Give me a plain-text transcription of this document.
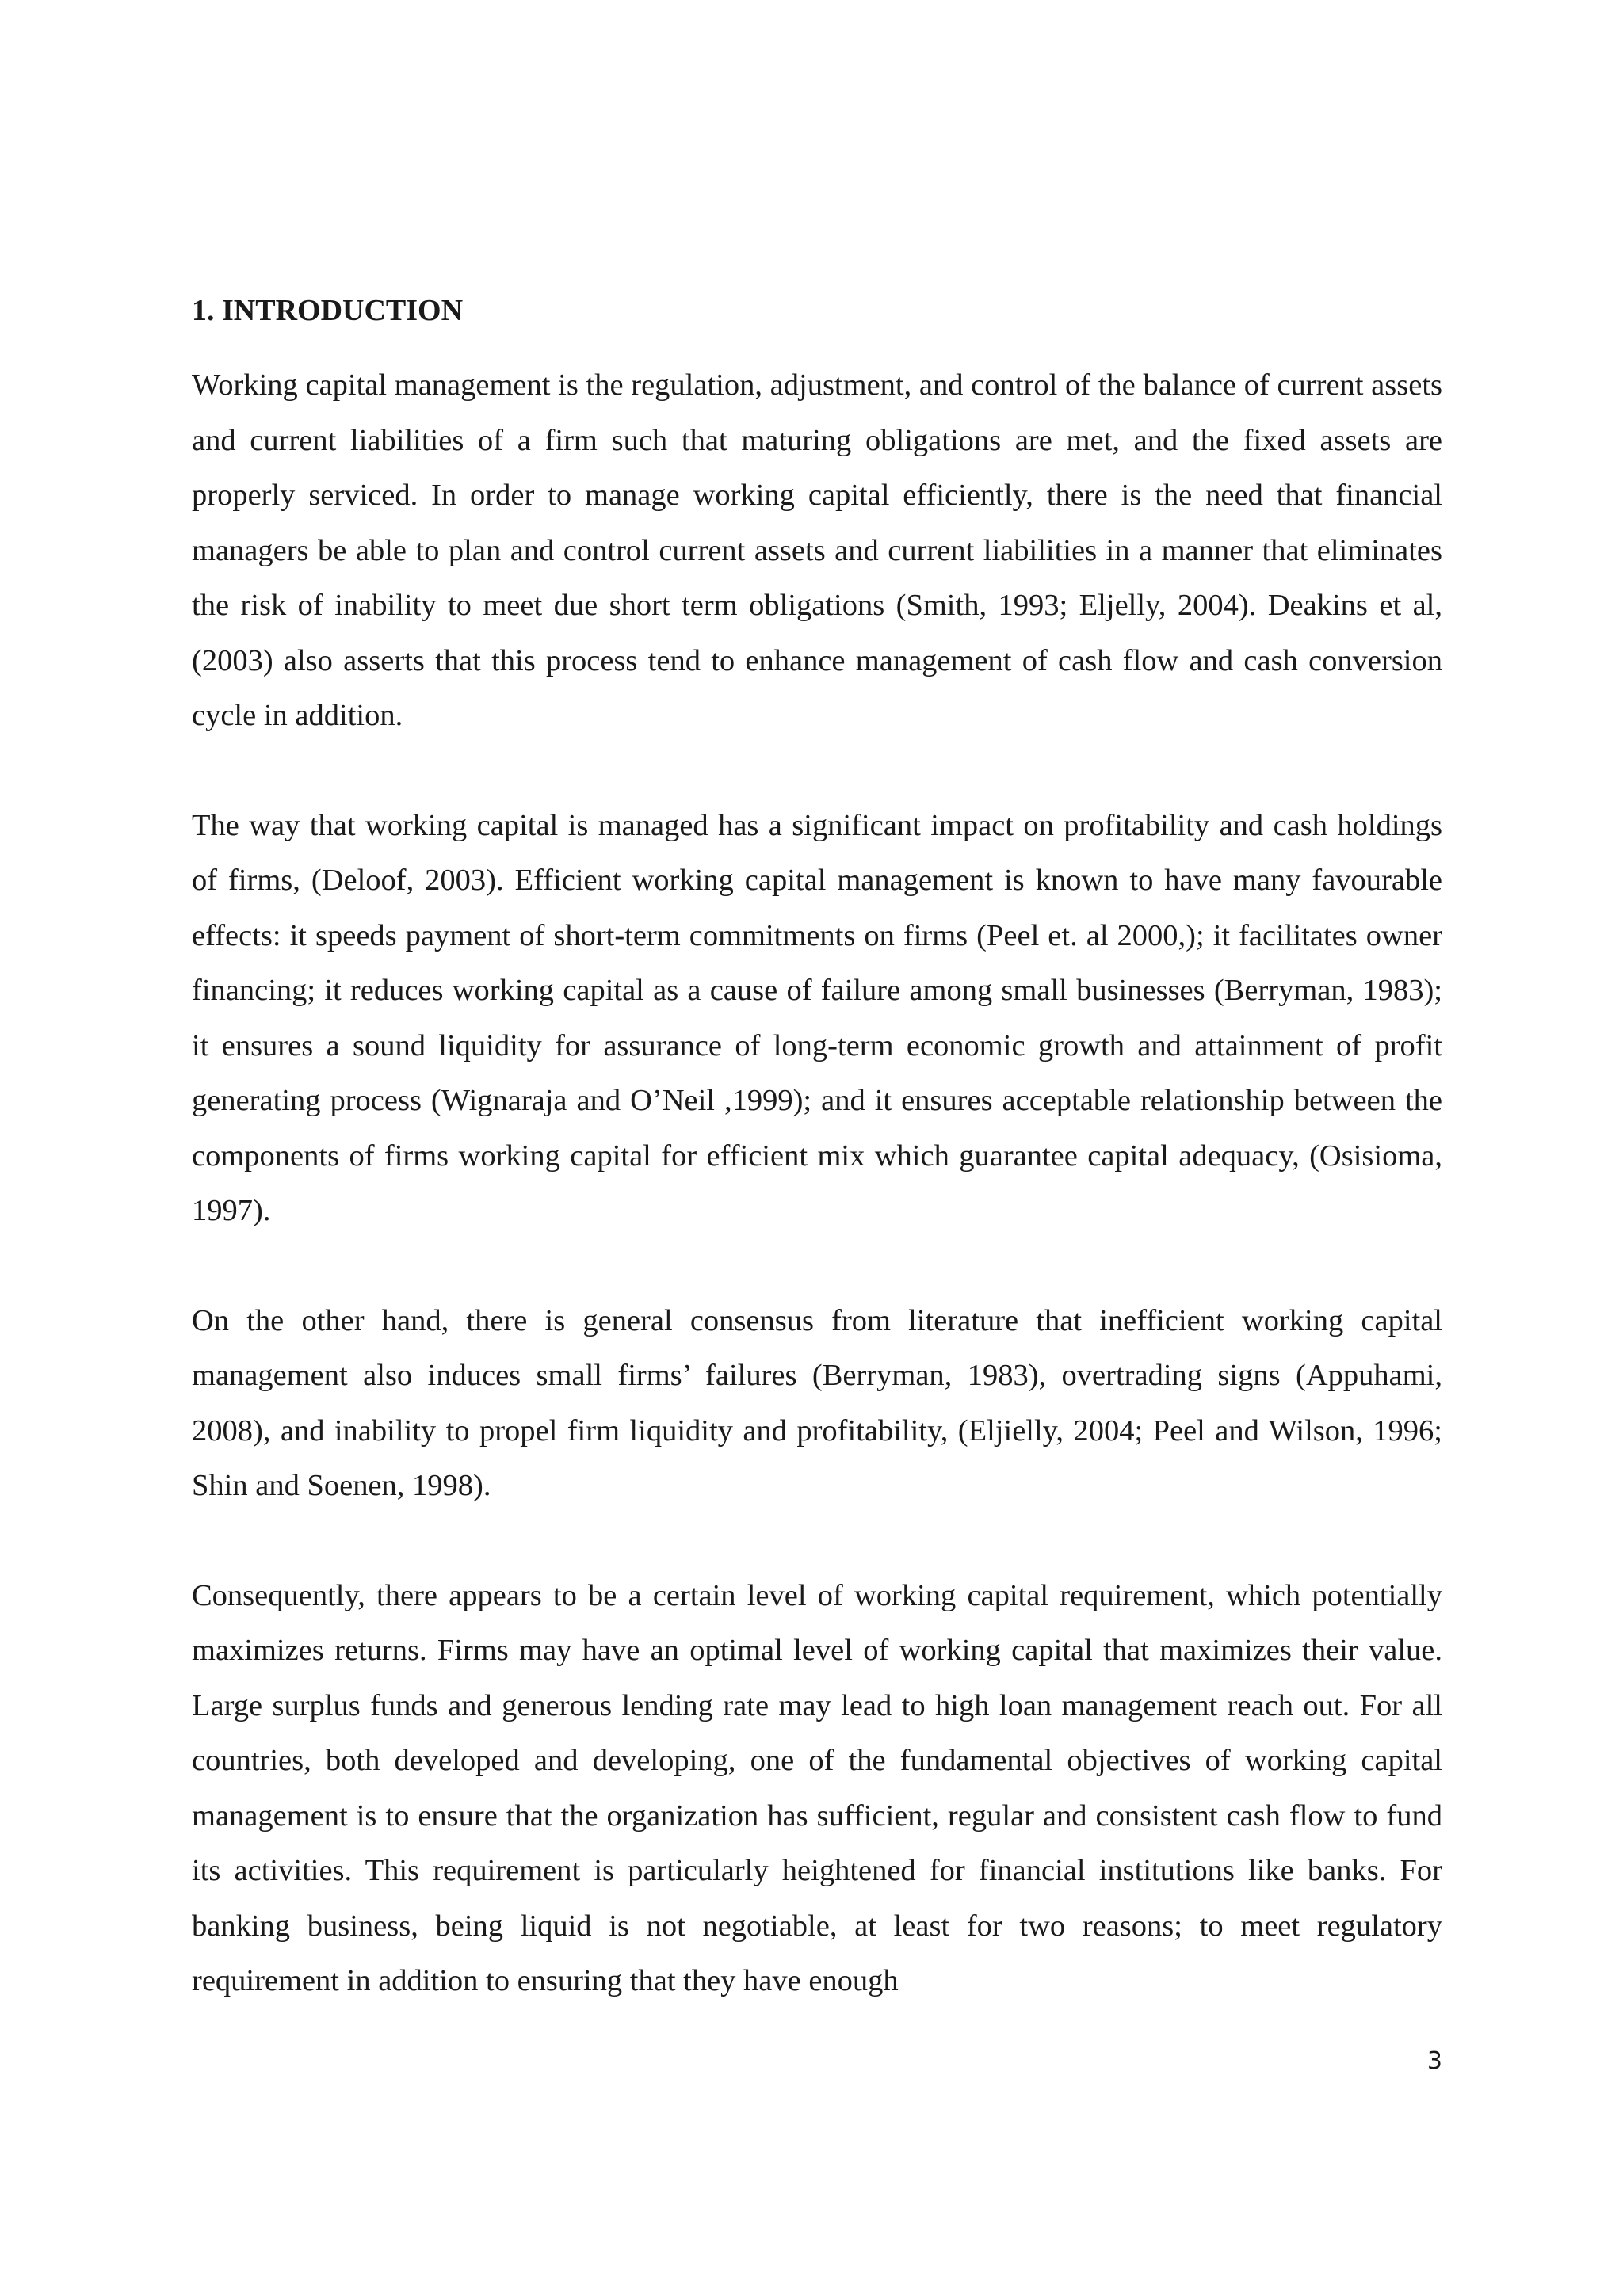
1. INTRODUCTION

Working capital management is the regulation, adjustment, and control of the balance of current assets and current liabilities of a firm such that maturing obligations are met, and the fixed assets are properly serviced. In order to manage working capital efficiently, there is the need that financial managers be able to plan and control current assets and current liabilities in a manner that eliminates the risk of inability to meet due short term obligations (Smith, 1993; Eljelly, 2004). Deakins et al, (2003) also asserts that this process tend to enhance management of cash flow and cash conversion cycle in addition.

The way that working capital is managed has a significant impact on profitability and cash holdings of firms, (Deloof, 2003). Efficient working capital management is known to have many favourable effects: it speeds payment of short-term commitments on firms (Peel et. al 2000,); it facilitates owner financing; it reduces working capital as a cause of failure among small businesses (Berryman, 1983); it ensures a sound liquidity for assurance of long-term economic growth and attainment of profit generating process (Wignaraja and O’Neil ,1999); and it ensures acceptable relationship between the components of firms working capital for efficient mix which guarantee capital adequacy, (Osisioma, 1997).

On the other hand, there is general consensus from literature that inefficient working capital management also induces small firms’ failures (Berryman, 1983), overtrading signs (Appuhami, 2008), and inability to propel firm liquidity and profitability, (Eljielly, 2004; Peel and Wilson, 1996; Shin and Soenen, 1998).

Consequently, there appears to be a certain level of working capital requirement, which potentially maximizes returns. Firms may have an optimal level of working capital that maximizes their value. Large surplus funds and generous lending rate may lead to high loan management reach out. For all countries, both developed and developing, one of the fundamental objectives of working capital management is to ensure that the organization has sufficient, regular and consistent cash flow to fund its activities. This requirement is particularly heightened for financial institutions like banks. For banking business, being liquid is not negotiable, at least for two reasons; to meet regulatory requirement in addition to ensuring that they have enough

3
